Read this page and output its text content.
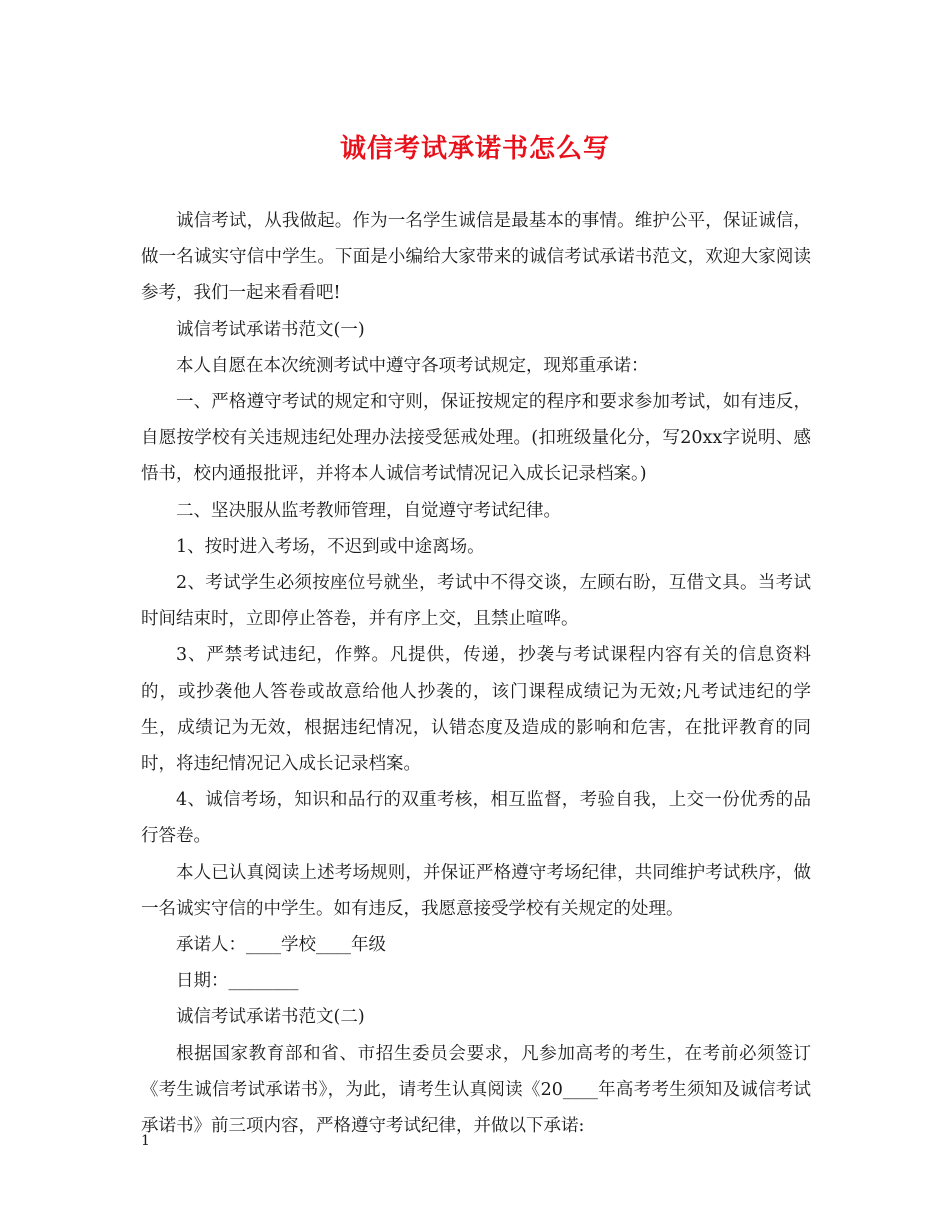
诚信考试承诺书怎么写

诚信考试，从我做起。作为一名学生诚信是最基本的事情。维护公平，保证诚信，做一名诚实守信中学生。下面是小编给大家带来的诚信考试承诺书范文，欢迎大家阅读参考，我们一起来看看吧!

诚信考试承诺书范文(一)

本人自愿在本次统测考试中遵守各项考试规定，现郑重承诺：

一、严格遵守考试的规定和守则，保证按规定的程序和要求参加考试，如有违反，自愿按学校有关违规违纪处理办法接受惩戒处理。(扣班级量化分，写20xx字说明、感悟书，校内通报批评，并将本人诚信考试情况记入成长记录档案。)

二、坚决服从监考教师管理，自觉遵守考试纪律。

1、按时进入考场，不迟到或中途离场。

2、考试学生必须按座位号就坐，考试中不得交谈，左顾右盼，互借文具。当考试时间结束时，立即停止答卷，并有序上交，且禁止喧哗。

3、严禁考试违纪，作弊。凡提供，传递，抄袭与考试课程内容有关的信息资料的，或抄袭他人答卷或故意给他人抄袭的，该门课程成绩记为无效;凡考试违纪的学生，成绩记为无效，根据违纪情况，认错态度及造成的影响和危害，在批评教育的同时，将违纪情况记入成长记录档案。

4、诚信考场，知识和品行的双重考核，相互监督，考验自我，上交一份优秀的品行答卷。

本人已认真阅读上述考场规则，并保证严格遵守考场纪律，共同维护考试秩序，做一名诚实守信的中学生。如有违反，我愿意接受学校有关规定的处理。

承诺人：____学校____年级

日期：________

诚信考试承诺书范文(二)

根据国家教育部和省、市招生委员会要求，凡参加高考的考生，在考前必须签订《考生诚信考试承诺书》，为此，请考生认真阅读《20____年高考考生须知及诚信考试承诺书》前三项内容，严格遵守考试纪律，并做以下承诺:

1
